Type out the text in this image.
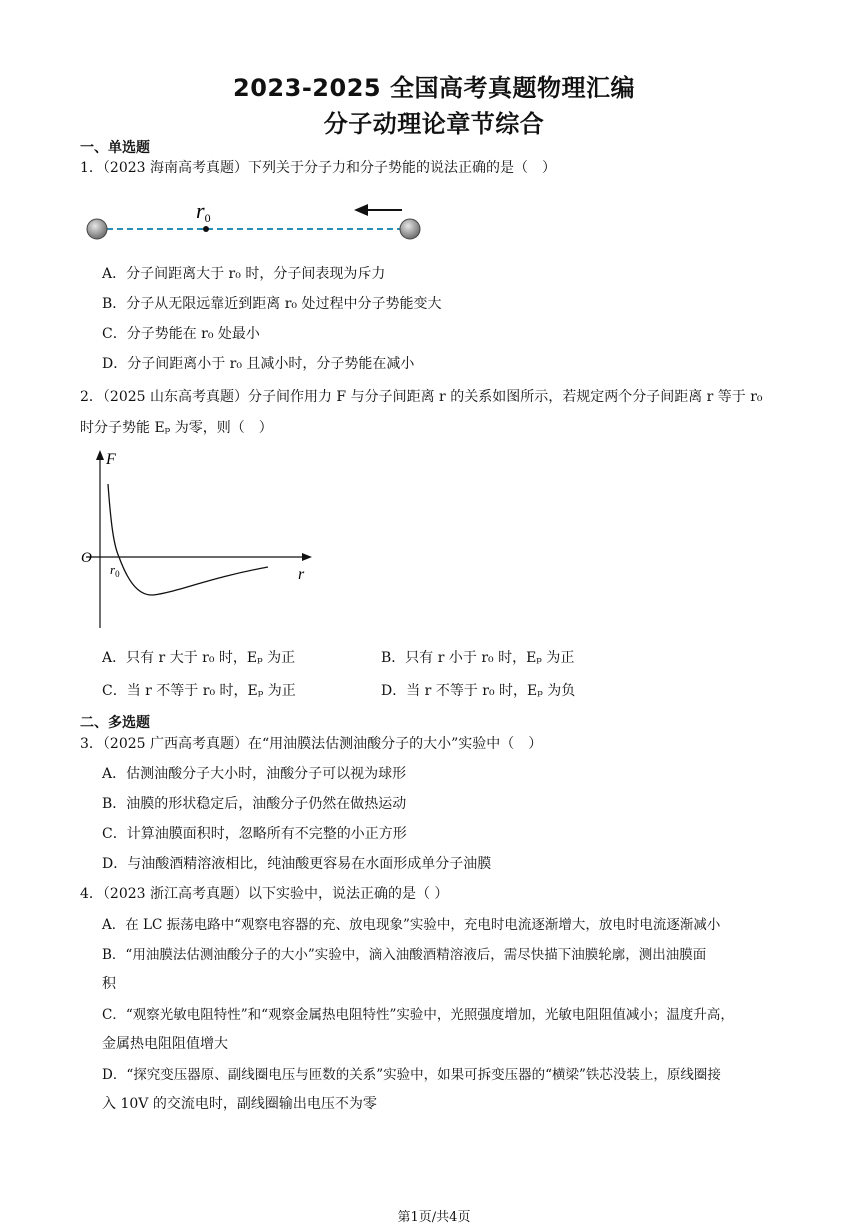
2023-2025 全国高考真题物理汇编
分子动理论章节综合
一、单选题
1．（2023 海南高考真题）下列关于分子力和分子势能的说法正确的是（　）
r0
A．分子间距离大于 r₀ 时，分子间表现为斥力
B．分子从无限远靠近到距离 r₀ 处过程中分子势能变大
C．分子势能在 r₀ 处最小
D．分子间距离小于 r₀ 且减小时，分子势能在减小
2．（2025 山东高考真题）分子间作用力 F 与分子间距离 r 的关系如图所示，若规定两个分子间距离 r 等于 r₀
时分子势能 Eₚ 为零，则（　）
F
r
O
$r_0$
A．只有 r 大于 r₀ 时，Eₚ 为正	B．只有 r 小于 r₀ 时，Eₚ 为正
C．当 r 不等于 r₀ 时，Eₚ 为正	D．当 r 不等于 r₀ 时，Eₚ 为负
二、多选题
3．（2025 广西高考真题）在“用油膜法估测油酸分子的大小”实验中（　）
A．估测油酸分子大小时，油酸分子可以视为球形
B．油膜的形状稳定后，油酸分子仍然在做热运动
C．计算油膜面积时，忽略所有不完整的小正方形
D．与油酸酒精溶液相比，纯油酸更容易在水面形成单分子油膜
4．（2023 浙江高考真题）以下实验中，说法正确的是（ ）
A．在 LC 振荡电路中“观察电容器的充、放电现象”实验中，充电时电流逐渐增大，放电时电流逐渐减小
B．“用油膜法估测油酸分子的大小”实验中，滴入油酸酒精溶液后，需尽快描下油膜轮廓，测出油膜面
积
C．“观察光敏电阻特性”和“观察金属热电阻特性”实验中，光照强度增加，光敏电阻阻值减小；温度升高，
金属热电阻阻值增大
D．“探究变压器原、副线圈电压与匝数的关系”实验中，如果可拆变压器的“横梁”铁芯没装上，原线圈接
入 10V 的交流电时，副线圈输出电压不为零
第1页/共4页
